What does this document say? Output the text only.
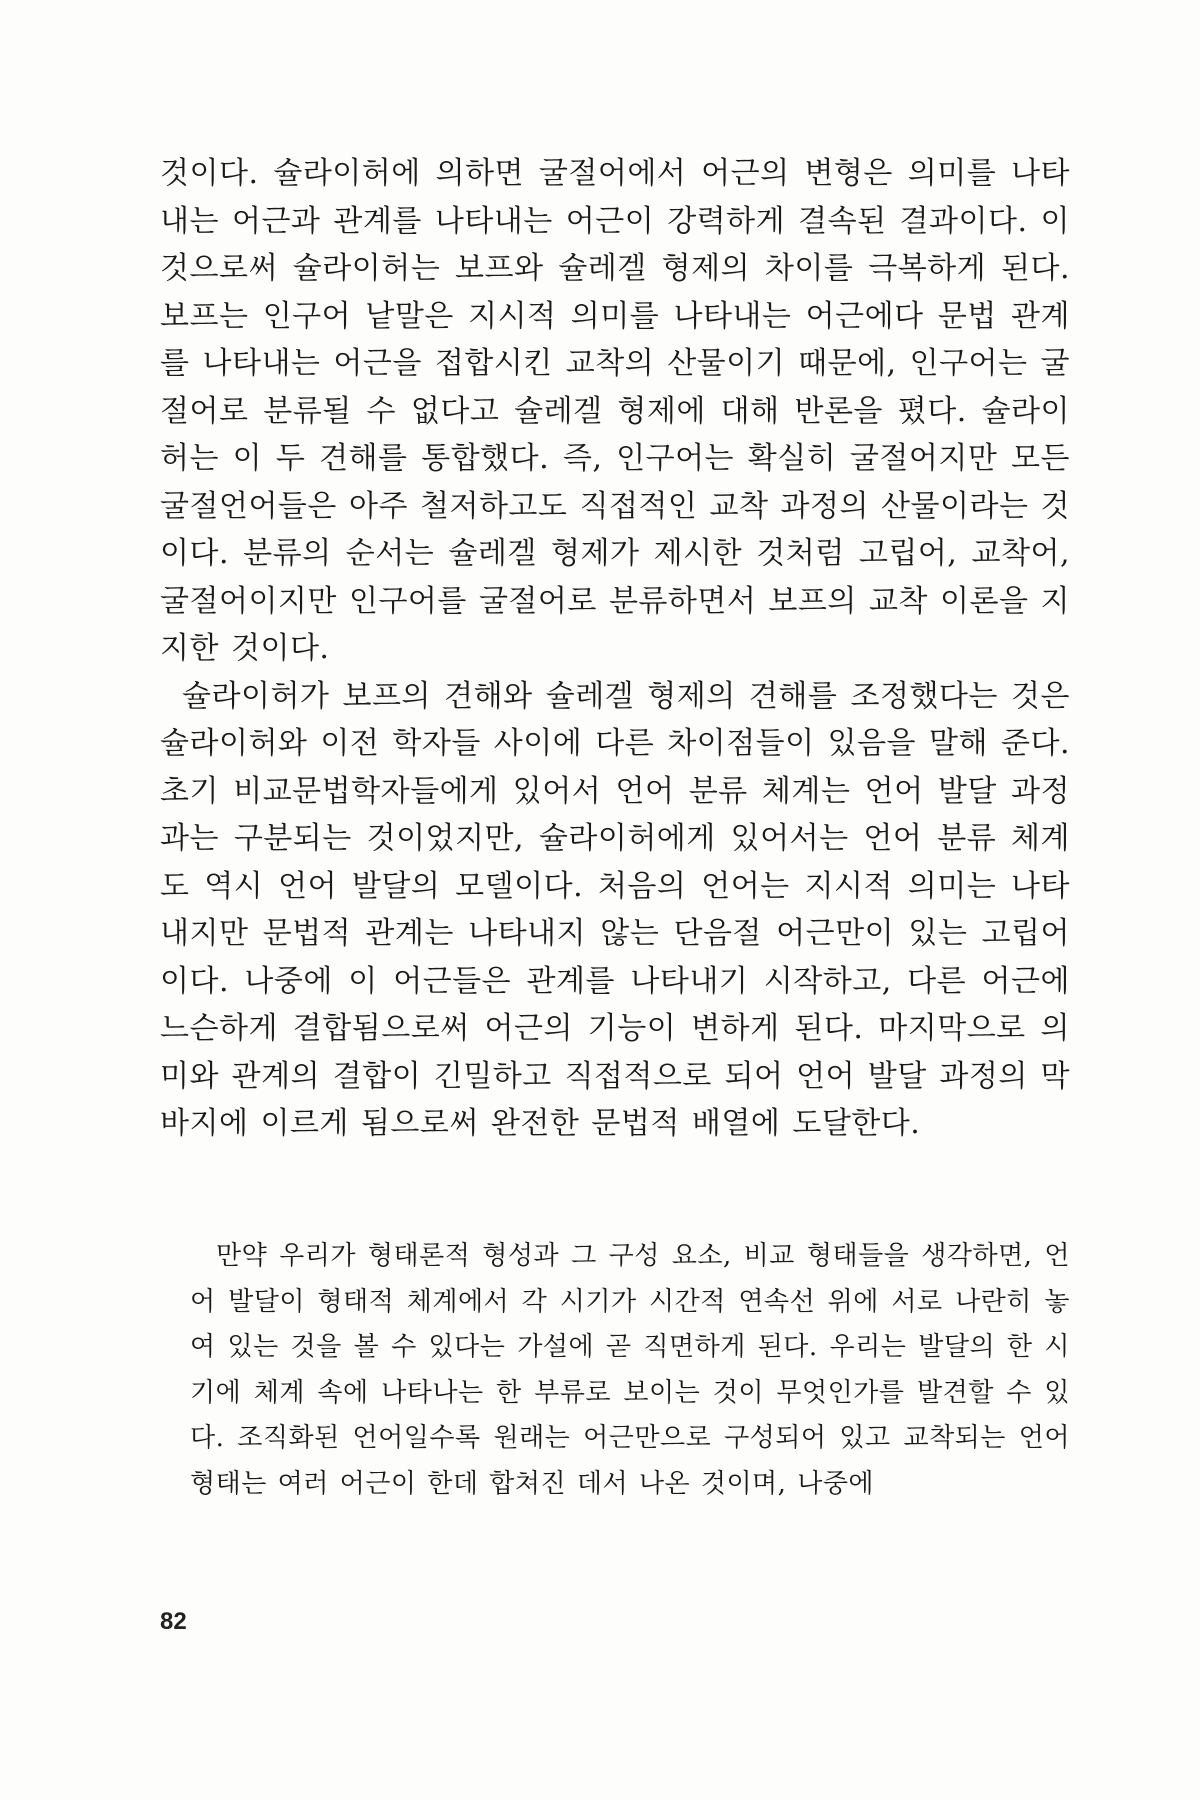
것이다. 슐라이허에 의하면 굴절어에서 어근의 변형은 의미를 나타내는 어근과 관계를 나타내는 어근이 강력하게 결속된 결과이다. 이것으로써 슐라이허는 보프와 슐레겔 형제의 차이를 극복하게 된다. 보프는 인구어 낱말은 지시적 의미를 나타내는 어근에다 문법 관계를 나타내는 어근을 접합시킨 교착의 산물이기 때문에, 인구어는 굴절어로 분류될 수 없다고 슐레겔 형제에 대해 반론을 폈다. 슐라이허는 이 두 견해를 통합했다. 즉, 인구어는 확실히 굴절어지만 모든 굴절언어들은 아주 철저하고도 직접적인 교착 과정의 산물이라는 것이다. 분류의 순서는 슐레겔 형제가 제시한 것처럼 고립어, 교착어, 굴절어이지만 인구어를 굴절어로 분류하면서 보프의 교착 이론을 지지한 것이다.

슐라이허가 보프의 견해와 슐레겔 형제의 견해를 조정했다는 것은 슐라이허와 이전 학자들 사이에 다른 차이점들이 있음을 말해 준다. 초기 비교문법학자들에게 있어서 언어 분류 체계는 언어 발달 과정과는 구분되는 것이었지만, 슐라이허에게 있어서는 언어 분류 체계도 역시 언어 발달의 모델이다. 처음의 언어는 지시적 의미는 나타내지만 문법적 관계는 나타내지 않는 단음절 어근만이 있는 고립어이다. 나중에 이 어근들은 관계를 나타내기 시작하고, 다른 어근에 느슨하게 결합됨으로써 어근의 기능이 변하게 된다. 마지막으로 의미와 관계의 결합이 긴밀하고 직접적으로 되어 언어 발달 과정의 막바지에 이르게 됨으로써 완전한 문법적 배열에 도달한다.

만약 우리가 형태론적 형성과 그 구성 요소, 비교 형태들을 생각하면, 언어 발달이 형태적 체계에서 각 시기가 시간적 연속선 위에 서로 나란히 놓여 있는 것을 볼 수 있다는 가설에 곧 직면하게 된다. 우리는 발달의 한 시기에 체계 속에 나타나는 한 부류로 보이는 것이 무엇인가를 발견할 수 있다. 조직화된 언어일수록 원래는 어근만으로 구성되어 있고 교착되는 언어 형태는 여러 어근이 한데 합쳐진 데서 나온 것이며, 나중에

82
